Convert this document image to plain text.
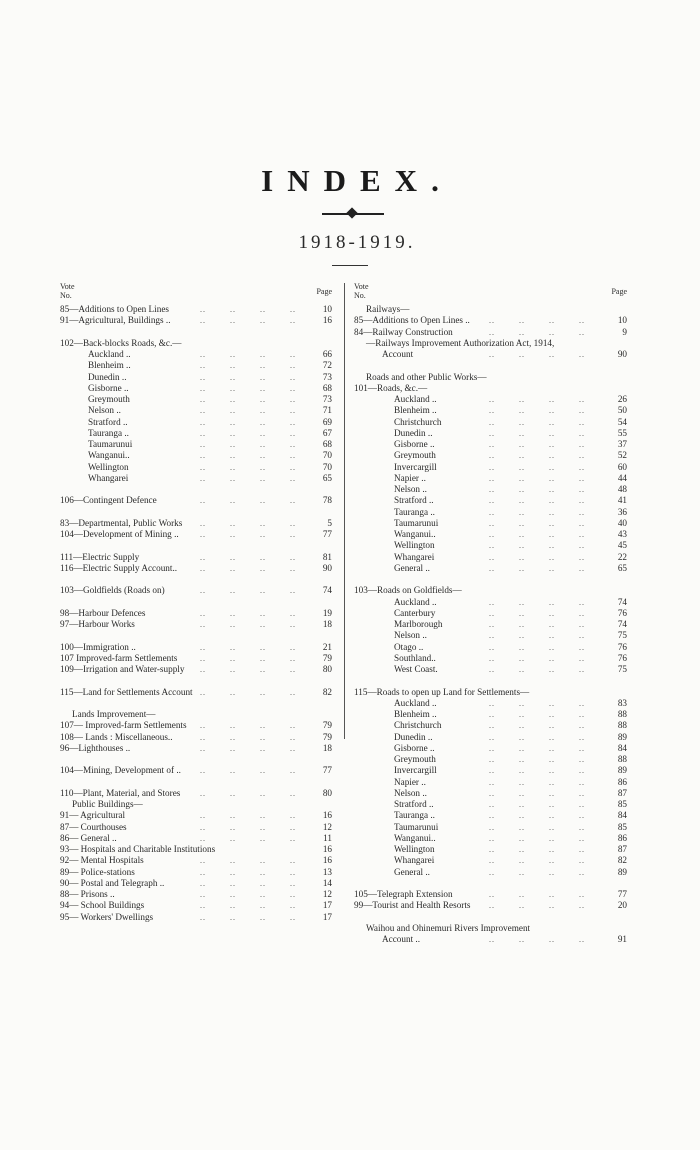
INDEX.
1918-1919.
Vote
No.	Page
85—Additions to Open Lines	..        ..        ..        ..	10
91—Agricultural, Buildings ..	..        ..        ..        ..	16
102—Back-blocks Roads, &c.—
Auckland ..	..        ..        ..        ..	66
Blenheim ..	..        ..        ..        ..	72
Dunedin ..	..        ..        ..        ..	73
Gisborne ..	..        ..        ..        ..	68
Greymouth	..        ..        ..        ..	73
Nelson ..	..        ..        ..        ..	71
Stratford ..	..        ..        ..        ..	69
Tauranga ..	..        ..        ..        ..	67
Taumarunui	..        ..        ..        ..	68
Wanganui..	..        ..        ..        ..	70
Wellington	..        ..        ..        ..	70
Whangarei	..        ..        ..        ..	65
106—Contingent Defence	..        ..        ..        ..	78
83—Departmental, Public Works ..        ..        ..        ..	5
104—Development of Mining ..	..        ..        ..        ..	77
111—Electric Supply	..        ..        ..        ..	81
116—Electric Supply Account..	..        ..        ..        ..	90
103—Goldfields (Roads on)	..        ..        ..        ..	74
98—Harbour Defences	..        ..        ..        ..	19
97—Harbour Works	..        ..        ..        ..	18
100—Immigration ..	..        ..        ..        ..	21
107 Improved-farm Settlements	..        ..        ..        ..	79
109—Irrigation and Water-supply ..        ..        ..        ..	80
115—Land for Settlements Account ..        ..        ..        ..	82
Lands Improvement—
107— Improved-farm Settlements ..        ..        ..        ..	79
108— Lands : Miscellaneous..	..        ..        ..        ..	79
96—Lighthouses ..	..        ..        ..        ..	18
104—Mining, Development of .. ..        ..        ..        ..	77
110—Plant, Material, and Stores ..        ..        ..        ..	80
Public Buildings—
91— Agricultural	..        ..        ..        ..	16
87— Courthouses	..        ..        ..        ..	12
86— General ..	..        ..        ..        ..	11
93— Hospitals and Charitable Institutions	16
92— Mental Hospitals	..        ..        ..        ..	16
89— Police-stations	..        ..        ..        ..	13
90— Postal and Telegraph ..	..        ..        ..        ..	14
88— Prisons ..	..        ..        ..        ..	12
94— School Buildings	..        ..        ..        ..	17
95— Workers' Dwellings	..        ..        ..        ..	17
Vote
No.	Page
Railways—
85—Additions to Open Lines .. ..        ..        ..        ..	10
84—Railway Construction	..        ..        ..        ..	9
—Railways Improvement Authorization Act, 1914,
Account	..        ..        ..        ..	90
Roads and other Public Works—
101—Roads, &c.—
Auckland ..	..        ..        ..        ..	26
Blenheim ..	..        ..        ..        ..	50
Christchurch	..        ..        ..        ..	54
Dunedin ..	..        ..        ..        ..	55
Gisborne ..	..        ..        ..        ..	37
Greymouth	..        ..        ..        ..	52
Invercargill	..        ..        ..        ..	60
Napier ..	..        ..        ..        ..	44
Nelson ..	..        ..        ..        ..	48
Stratford ..	..        ..        ..        ..	41
Tauranga ..	..        ..        ..        ..	36
Taumarunui	..        ..        ..        ..	40
Wanganui..	..        ..        ..        ..	43
Wellington	..        ..        ..        ..	45
Whangarei	..        ..        ..        ..	22
General ..	..        ..        ..        ..	65
103—Roads on Goldfields—
Auckland ..	..        ..        ..        ..	74
Canterbury	..        ..        ..        ..	76
Marlborough	..        ..        ..        ..	74
Nelson ..	..        ..        ..        ..	75
Otago ..	..        ..        ..        ..	76
Southland..	..        ..        ..        ..	76
West Coast.	..        ..        ..        ..	75
115—Roads to open up Land for Settlements—
Auckland ..	..        ..        ..        ..	83
Blenheim ..	..        ..        ..        ..	88
Christchurch	..        ..        ..        ..	88
Dunedin ..	..        ..        ..        ..	89
Gisborne ..	..        ..        ..        ..	84
Greymouth	..        ..        ..        ..	88
Invercargill	..        ..        ..        ..	89
Napier ..	..        ..        ..        ..	86
Nelson ..	..        ..        ..        ..	87
Stratford ..	..        ..        ..        ..	85
Tauranga ..	..        ..        ..        ..	84
Taumarunui	..        ..        ..        ..	85
Wanganui..	..        ..        ..        ..	86
Wellington	..        ..        ..        ..	87
Whangarei	..        ..        ..        ..	82
General ..	..        ..        ..        ..	89
105—Telegraph Extension	..        ..        ..        ..	77
99—Tourist and Health Resorts ..        ..        ..        ..	20
Waihou and Ohinemuri Rivers Improvement
Account ..	..        ..        ..        ..	91
